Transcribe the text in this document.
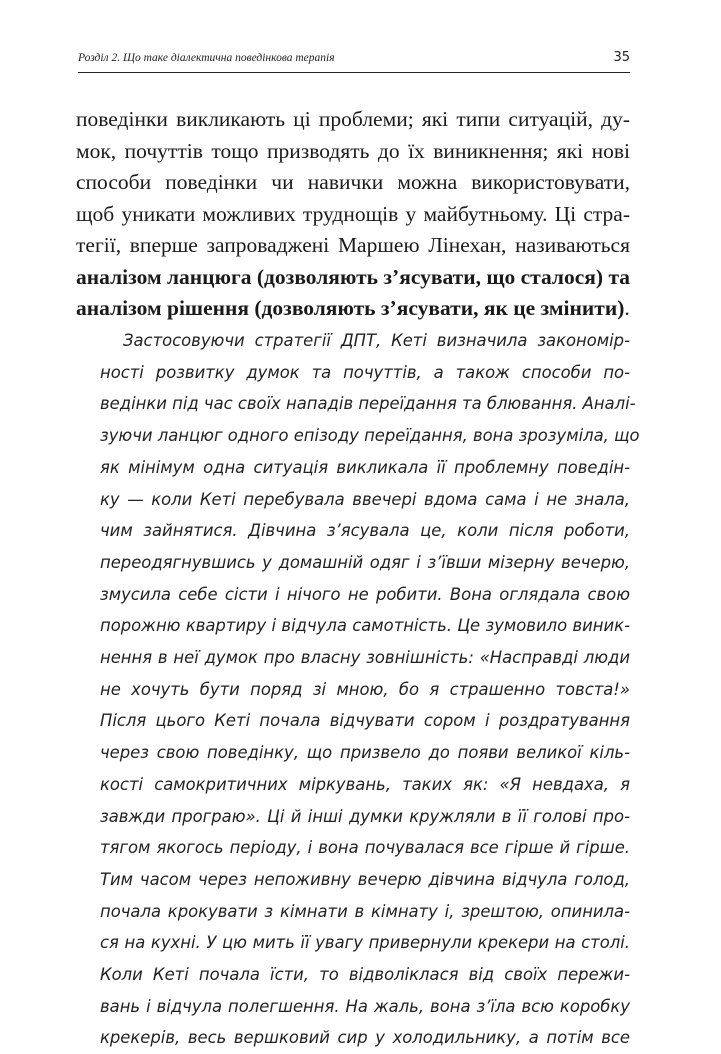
Розділ 2. Що таке діалектична поведінкова терапія	35
поведінки викликають ці проблеми; які типи ситуацій, ду-
мок, почуттів тощо призводять до їх виникнення; які нові
способи поведінки чи навички можна використовувати,
щоб уникати можливих труднощів у майбутньому. Ці стра-
тегії, вперше запроваджені Маршею Лінехан, називаються
аналізом ланцюга (дозволяють з’ясувати, що сталося) та
аналізом рішення (дозволяють з’ясувати, як це змінити).
Застосовуючи стратегії ДПТ, Кеті визначила закономір-
ності розвитку думок та почуттів, а також способи по-
ведінки під час своїх нападів переїдання та блювання. Аналі-
зуючи ланцюг одного епізоду переїдання, вона зрозуміла, що
як мінімум одна ситуація викликала її проблемну поведін-
ку — коли Кеті перебувала ввечері вдома сама і не знала,
чим зайнятися. Дівчина з’ясувала це, коли після роботи,
переодягнувшись у домашній одяг і з’ївши мізерну вечерю,
змусила себе сісти і нічого не робити. Вона оглядала свою
порожню квартиру і відчула самотність. Це зумовило виник-
нення в неї думок про власну зовнішність: «Насправді люди
не хочуть бути поряд зі мною, бо я страшенно товста!»
Після цього Кеті почала відчувати сором і роздратування
через свою поведінку, що призвело до появи великої кіль-
кості самокритичних міркувань, таких як: «Я невдаха, я
завжди програю». Ці й інші думки кружляли в її голові про-
тягом якогось періоду, і вона почувалася все гірше й гірше.
Тим часом через непоживну вечерю дівчина відчула голод,
почала крокувати з кімнати в кімнату і, зрештою, опинила-
ся на кухні. У цю мить її увагу привернули крекери на столі.
Коли Кеті почала їсти, то відволіклася від своїх пережи-
вань і відчула полегшення. На жаль, вона з’їла всю коробку
крекерів, весь вершковий сир у холодильнику, а потім все
